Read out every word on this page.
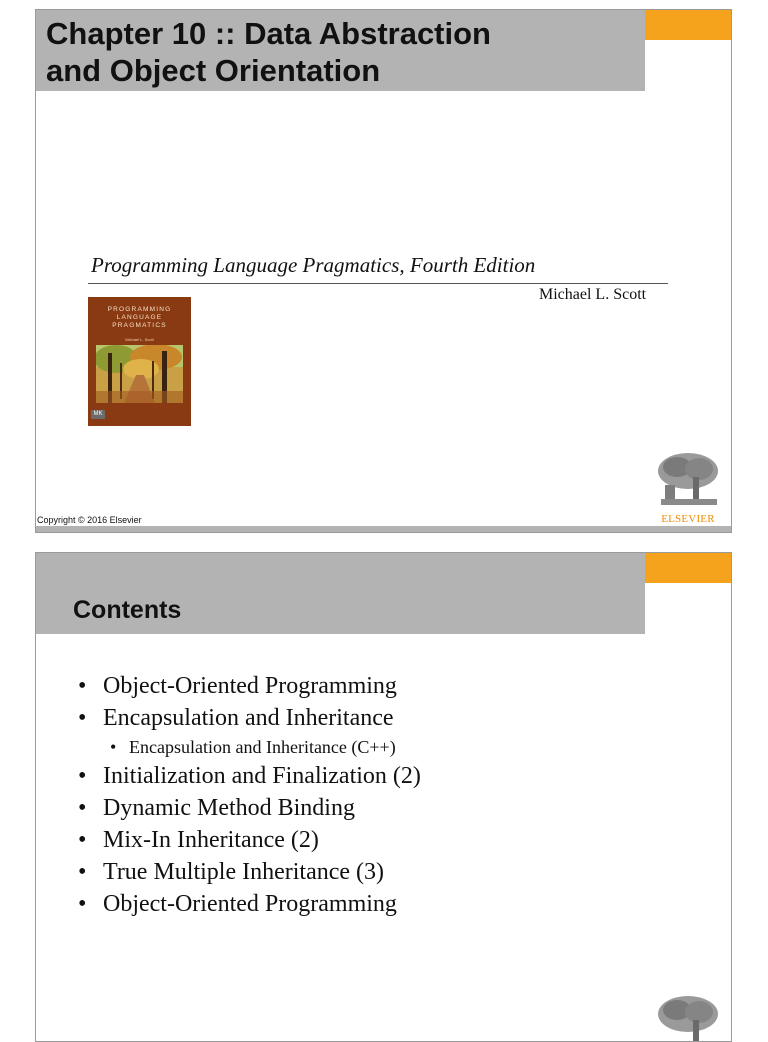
Chapter 10 :: Data Abstraction
and Object Orientation
Programming Language Pragmatics, Fourth Edition
Michael L. Scott
PROGRAMMING
LANGUAGE
PRAGMATICS
Michael L. Scott
MK
Copyright © 2016 Elsevier	ELSEVIER
Contents
• Object-Oriented Programming
• Encapsulation and Inheritance
• Encapsulation and Inheritance (C++)
• Initialization and Finalization (2)
• Dynamic Method Binding
• Mix-In Inheritance (2)
• True Multiple Inheritance (3)
• Object-Oriented Programming
